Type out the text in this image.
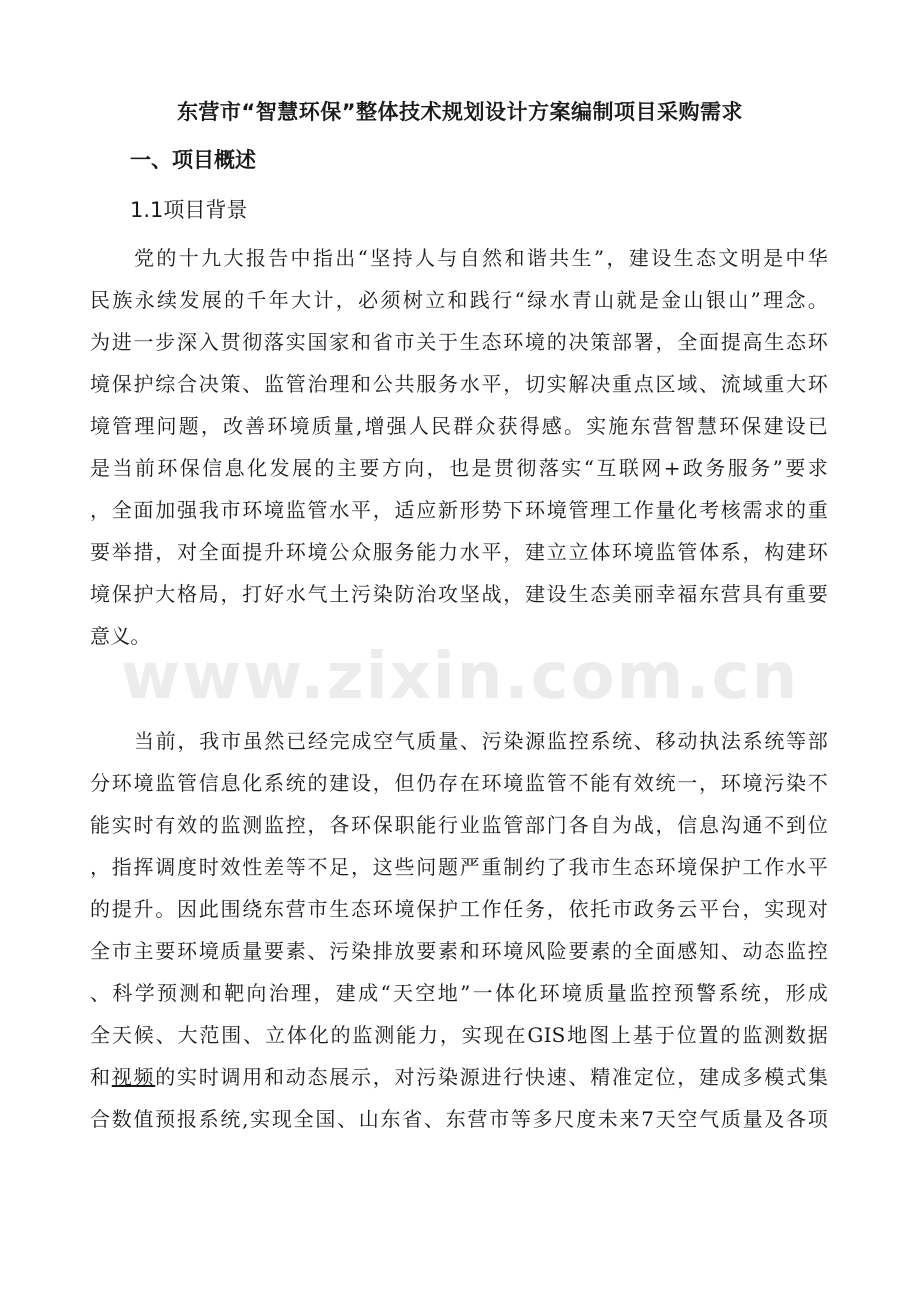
东营市“智慧环保”整体技术规划设计方案编制项目采购需求
一、项目概述
1.1项目背景
党的十九大报告中指出“坚持人与自然和谐共生”，建设生态文明是中华
民族永续发展的千年大计，必须树立和践行“绿水青山就是金山银山”理念。
为进一步深入贯彻落实国家和省市关于生态环境的决策部署，全面提高生态环
境保护综合决策、监管治理和公共服务水平，切实解决重点区域、流域重大环
境管理问题，改善环境质量,增强人民群众获得感。实施东营智慧环保建设已
是当前环保信息化发展的主要方向，也是贯彻落实“互联网+政务服务”要求
，全面加强我市环境监管水平，适应新形势下环境管理工作量化考核需求的重
要举措，对全面提升环境公众服务能力水平，建立立体环境监管体系，构建环
境保护大格局，打好水气土污染防治攻坚战，建设生态美丽幸福东营具有重要
意义。
当前，我市虽然已经完成空气质量、污染源监控系统、移动执法系统等部
分环境监管信息化系统的建设，但仍存在环境监管不能有效统一，环境污染不
能实时有效的监测监控，各环保职能行业监管部门各自为战，信息沟通不到位
，指挥调度时效性差等不足，这些问题严重制约了我市生态环境保护工作水平
的提升。因此围绕东营市生态环境保护工作任务，依托市政务云平台，实现对
全市主要环境质量要素、污染排放要素和环境风险要素的全面感知、动态监控
、科学预测和靶向治理，建成“天空地”一体化环境质量监控预警系统，形成
全天候、大范围、立体化的监测能力，实现在GIS地图上基于位置的监测数据
和视频的实时调用和动态展示，对污染源进行快速、精准定位，建成多模式集
合数值预报系统,实现全国、山东省、东营市等多尺度未来7天空气质量及各项
www.zixin.com.cn
